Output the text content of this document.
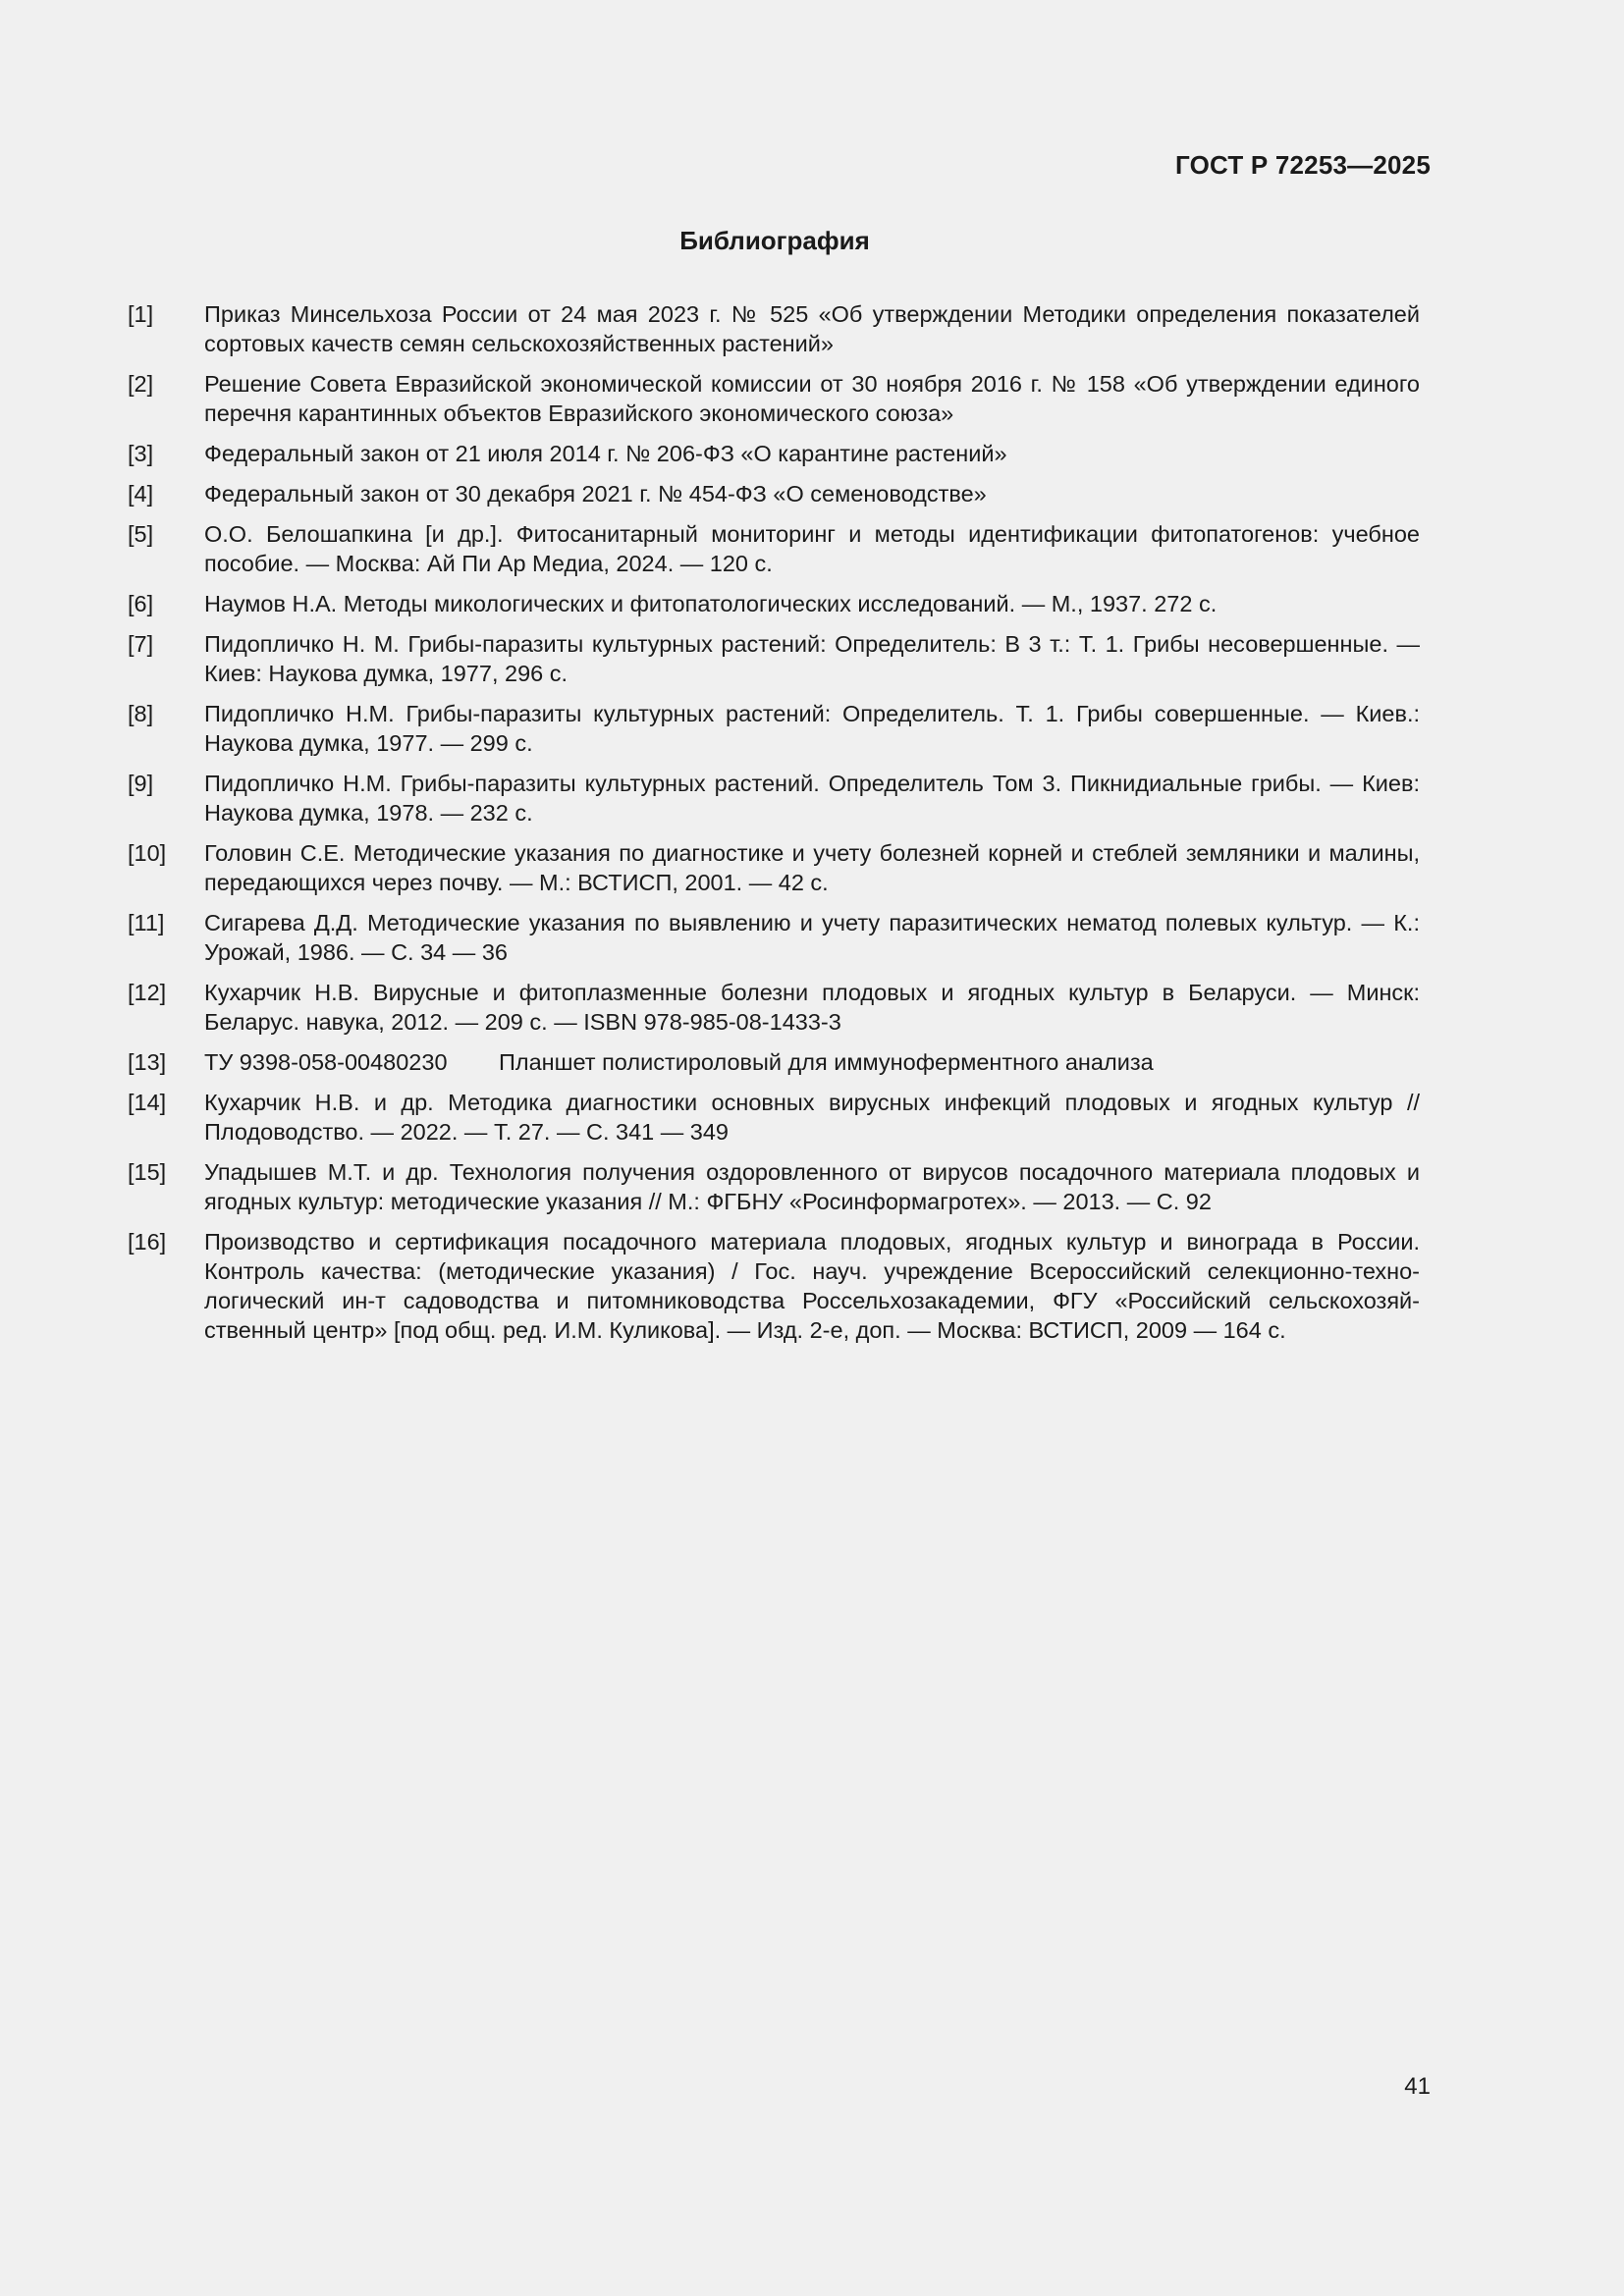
ГОСТ Р 72253—2025

Библиография
[1]	Приказ Минсельхоза России от 24 мая 2023 г. № 525 «Об утверждении Методики определения показателей сортовых качеств семян сельскохозяйственных растений»
[2]	Решение Совета Евразийской экономической комиссии от 30 ноября 2016 г. № 158 «Об утверждении единого перечня карантинных объектов Евразийского экономического союза»
[3]	Федеральный закон от 21 июля 2014 г. № 206-ФЗ «О карантине растений»
[4]	Федеральный закон от 30 декабря 2021 г. № 454-ФЗ «О семеноводстве»
[5]	О.О. Белошапкина [и др.]. Фитосанитарный мониторинг и методы идентификации фитопатогенов: учебное пособие. — Москва: Ай Пи Ар Медиа, 2024. — 120 с.
[6]	Наумов Н.А. Методы микологических и фитопатологических исследований. — М., 1937. 272 с.
[7]	Пидопличко Н. М. Грибы-паразиты культурных растений: Определитель: В 3 т.: Т. 1. Грибы несовершенные. — Киев: Наукова думка, 1977, 296 с.
[8]	Пидопличко Н.М. Грибы-паразиты культурных растений: Определитель. Т. 1. Грибы совершенные. — Киев.: Наукова думка, 1977. — 299 с.
[9]	Пидопличко Н.М. Грибы-паразиты культурных растений. Определитель Том 3. Пикнидиальные грибы. — Киев: Наукова думка, 1978. — 232 с.
[10]	Головин С.Е. Методические указания по диагностике и учету болезней корней и стеблей земляники и малины, передающихся через почву. — М.: ВСТИСП, 2001. — 42 с.
[11]	Сигарева Д.Д. Методические указания по выявлению и учету паразитических нематод полевых культур. — К.: Урожай, 1986. — С. 34 — 36
[12]	Кухарчик Н.В. Вирусные и фитоплазменные болезни плодовых и ягодных культур в Беларуси. — Минск: Беларус. навука, 2012. — 209 с. — ISBN 978-985-08-1433-3
[13]	ТУ 9398-058-00480230 Планшет полистироловый для иммуноферментного анализа
[14]	Кухарчик Н.В. и др. Методика диагностики основных вирусных инфекций плодовых и ягодных культур // Плодоводство. — 2022. — Т. 27. — С. 341 — 349
[15]	Упадышев М.Т. и др. Технология получения оздоровленного от вирусов посадочного материала плодовых и ягодных культур: методические указания // М.: ФГБНУ «Росинформагротех». — 2013. — С. 92
[16]	Производство и сертификация посадочного материала плодовых, ягодных культур и винограда в России. Контроль качества: (методические указания) / Гос. науч. учреждение Всероссийский селекционно-технологический ин-т садоводства и питомниководства Россельхозакадемии, ФГУ «Российский сельскохозяйственный центр» [под общ. ред. И.М. Куликова]. — Изд. 2-е, доп. — Москва: ВСТИСП, 2009 — 164 с.

41
